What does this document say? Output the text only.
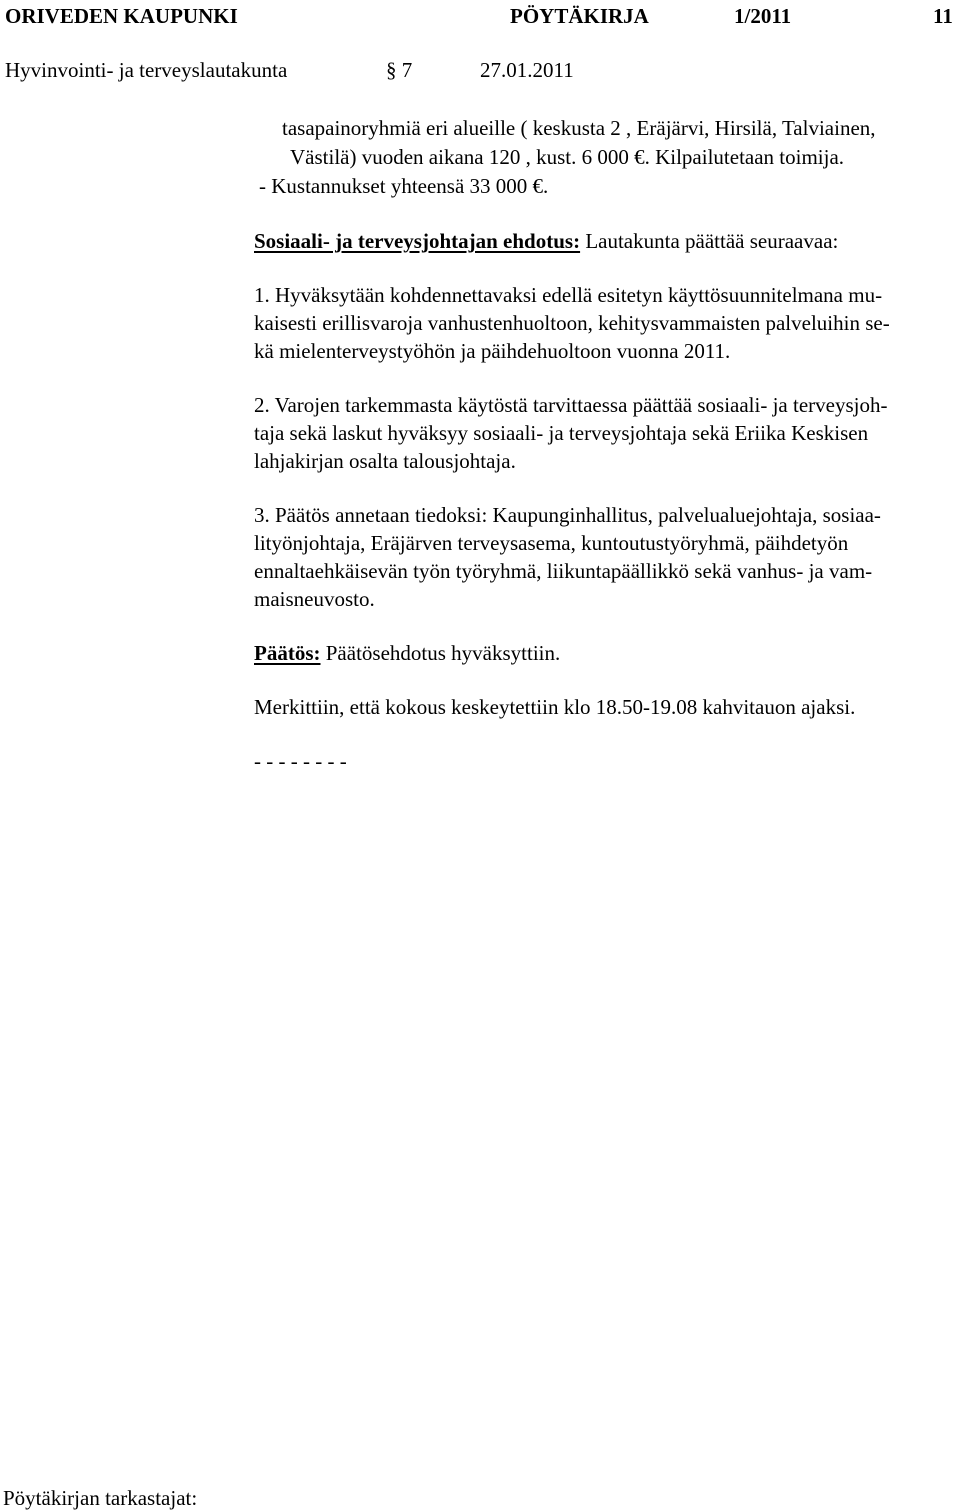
ORIVEDEN KAUPUNKI	PÖYTÄKIRJA	1/2011	11
Hyvinvointi- ja terveyslautakunta	§ 7	27.01.2011
tasapainoryhmiä eri alueille ( keskusta 2 , Eräjärvi, Hirsilä, Talviainen,
Västilä) vuoden aikana 120 , kust. 6 000 €. Kilpailutetaan toimija.
- Kustannukset yhteensä 33 000 €.
Sosiaali- ja terveysjohtajan ehdotus: Lautakunta päättää seuraavaa:
1. Hyväksytään kohdennettavaksi edellä esitetyn käyttösuunnitelmana mu-
kaisesti erillisvaroja vanhustenhuoltoon, kehitysvammaisten palveluihin se-
kä mielenterveystyöhön ja päihdehuoltoon vuonna 2011.
2. Varojen tarkemmasta käytöstä tarvittaessa päättää sosiaali- ja terveysjoh-
taja sekä laskut hyväksyy sosiaali- ja terveysjohtaja sekä Eriika Keskisen
lahjakirjan osalta talousjohtaja.
3. Päätös annetaan tiedoksi: Kaupunginhallitus, palvelualuejohtaja, sosiaa-
lityönjohtaja, Eräjärven terveysasema, kuntoutustyöryhmä, päihdetyön
ennaltaehkäisevän työn työryhmä, liikuntapäällikkö sekä vanhus- ja vam-
maisneuvosto.
Päätös: Päätösehdotus hyväksyttiin.
Merkittiin, että kokous keskeytettiin klo 18.50-19.08 kahvitauon ajaksi.
- - - - - - - -
Pöytäkirjan tarkastajat:
